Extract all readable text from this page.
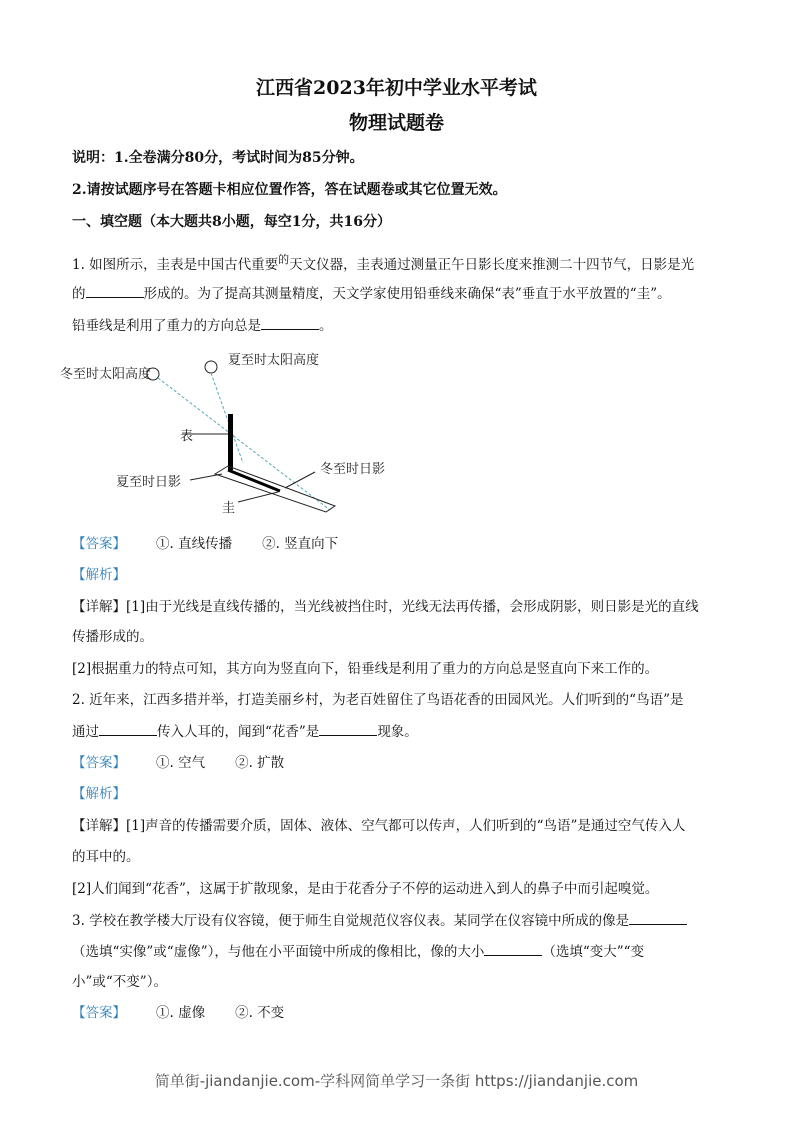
江西省2023年初中学业水平考试
物理试题卷
说明：1.全卷满分80分，考试时间为85分钟。
2.请按试题序号在答题卡相应位置作答，答在试题卷或其它位置无效。
一、填空题（本大题共8小题，每空1分，共16分）
1. 如图所示，圭表是中国古代重要$^的$天文仪器，圭表通过测量正午日影长度来推测二十四节气，日影是光
的	形成的。为了提高其测量精度，天文学家使用铅垂线来确保“表”垂直于水平放置的“圭”。
铅垂线是利用了重力的方向总是	。
冬至时太阳高度
夏至时太阳高度
表
夏至时日影
冬至时日影
圭
【答案】 ①. 直线传播 ②. 竖直向下
【解析】
【详解】[1]由于光线是直线传播的，当光线被挡住时，光线无法再传播，会形成阴影，则日影是光的直线
传播形成的。
[2]根据重力的特点可知，其方向为竖直向下，铅垂线是利用了重力的方向总是竖直向下来工作的。
2. 近年来，江西多措并举，打造美丽乡村，为老百姓留住了鸟语花香的田园风光。人们听到的“鸟语”是
通过	传入人耳的，闻到“花香”是	现象。
【答案】 ①. 空气 ②. 扩散
【解析】
【详解】[1]声音的传播需要介质，固体、液体、空气都可以传声，人们听到的“鸟语”是通过空气传入人
的耳中的。
[2]人们闻到“花香”，这属于扩散现象，是由于花香分子不停的运动进入到人的鼻子中而引起嗅觉。
3. 学校在教学楼大厅设有仪容镜，便于师生自觉规范仪容仪表。某同学在仪容镜中所成的像是
（选填“实像”或“虚像”），与他在小平面镜中所成的像相比，像的大小	（选填“变大”“变
小”或“不变”）。
【答案】 ①. 虚像 ②. 不变
简单街-jiandanjie.com-学科网简单学习一条街 https://jiandanjie.com
